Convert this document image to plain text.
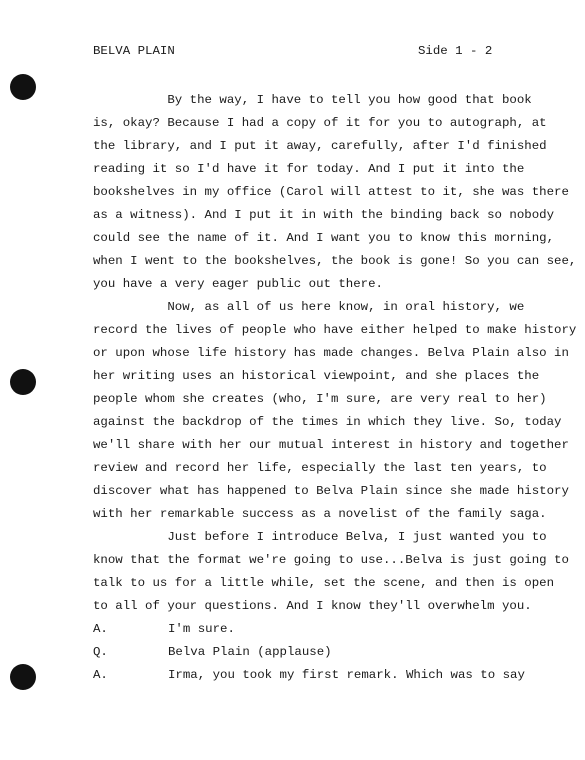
BELVA PLAIN	Side 1 - 2
By the way, I have to tell you how good that book
is, okay? Because I had a copy of it for you to autograph, at
the library, and I put it away, carefully, after I'd finished
reading it so I'd have it for today. And I put it into the
bookshelves in my office (Carol will attest to it, she was there
as a witness). And I put it in with the binding back so nobody
could see the name of it. And I want you to know this morning,
when I went to the bookshelves, the book is gone! So you can see,
you have a very eager public out there.
Now, as all of us here know, in oral history, we
record the lives of people who have either helped to make history
or upon whose life history has made changes. Belva Plain also in
her writing uses an historical viewpoint, and she places the
people whom she creates (who, I'm sure, are very real to her)
against the backdrop of the times in which they live. So, today
we'll share with her our mutual interest in history and together
review and record her life, especially the last ten years, to
discover what has happened to Belva Plain since she made history
with her remarkable success as a novelist of the family saga.
Just before I introduce Belva, I just wanted you to
know that the format we're going to use...Belva is just going to
talk to us for a little while, set the scene, and then is open
to all of your questions. And I know they'll overwhelm you.
A.	I'm sure.
Q.	Belva Plain (applause)
A.	Irma, you took my first remark. Which was to say
